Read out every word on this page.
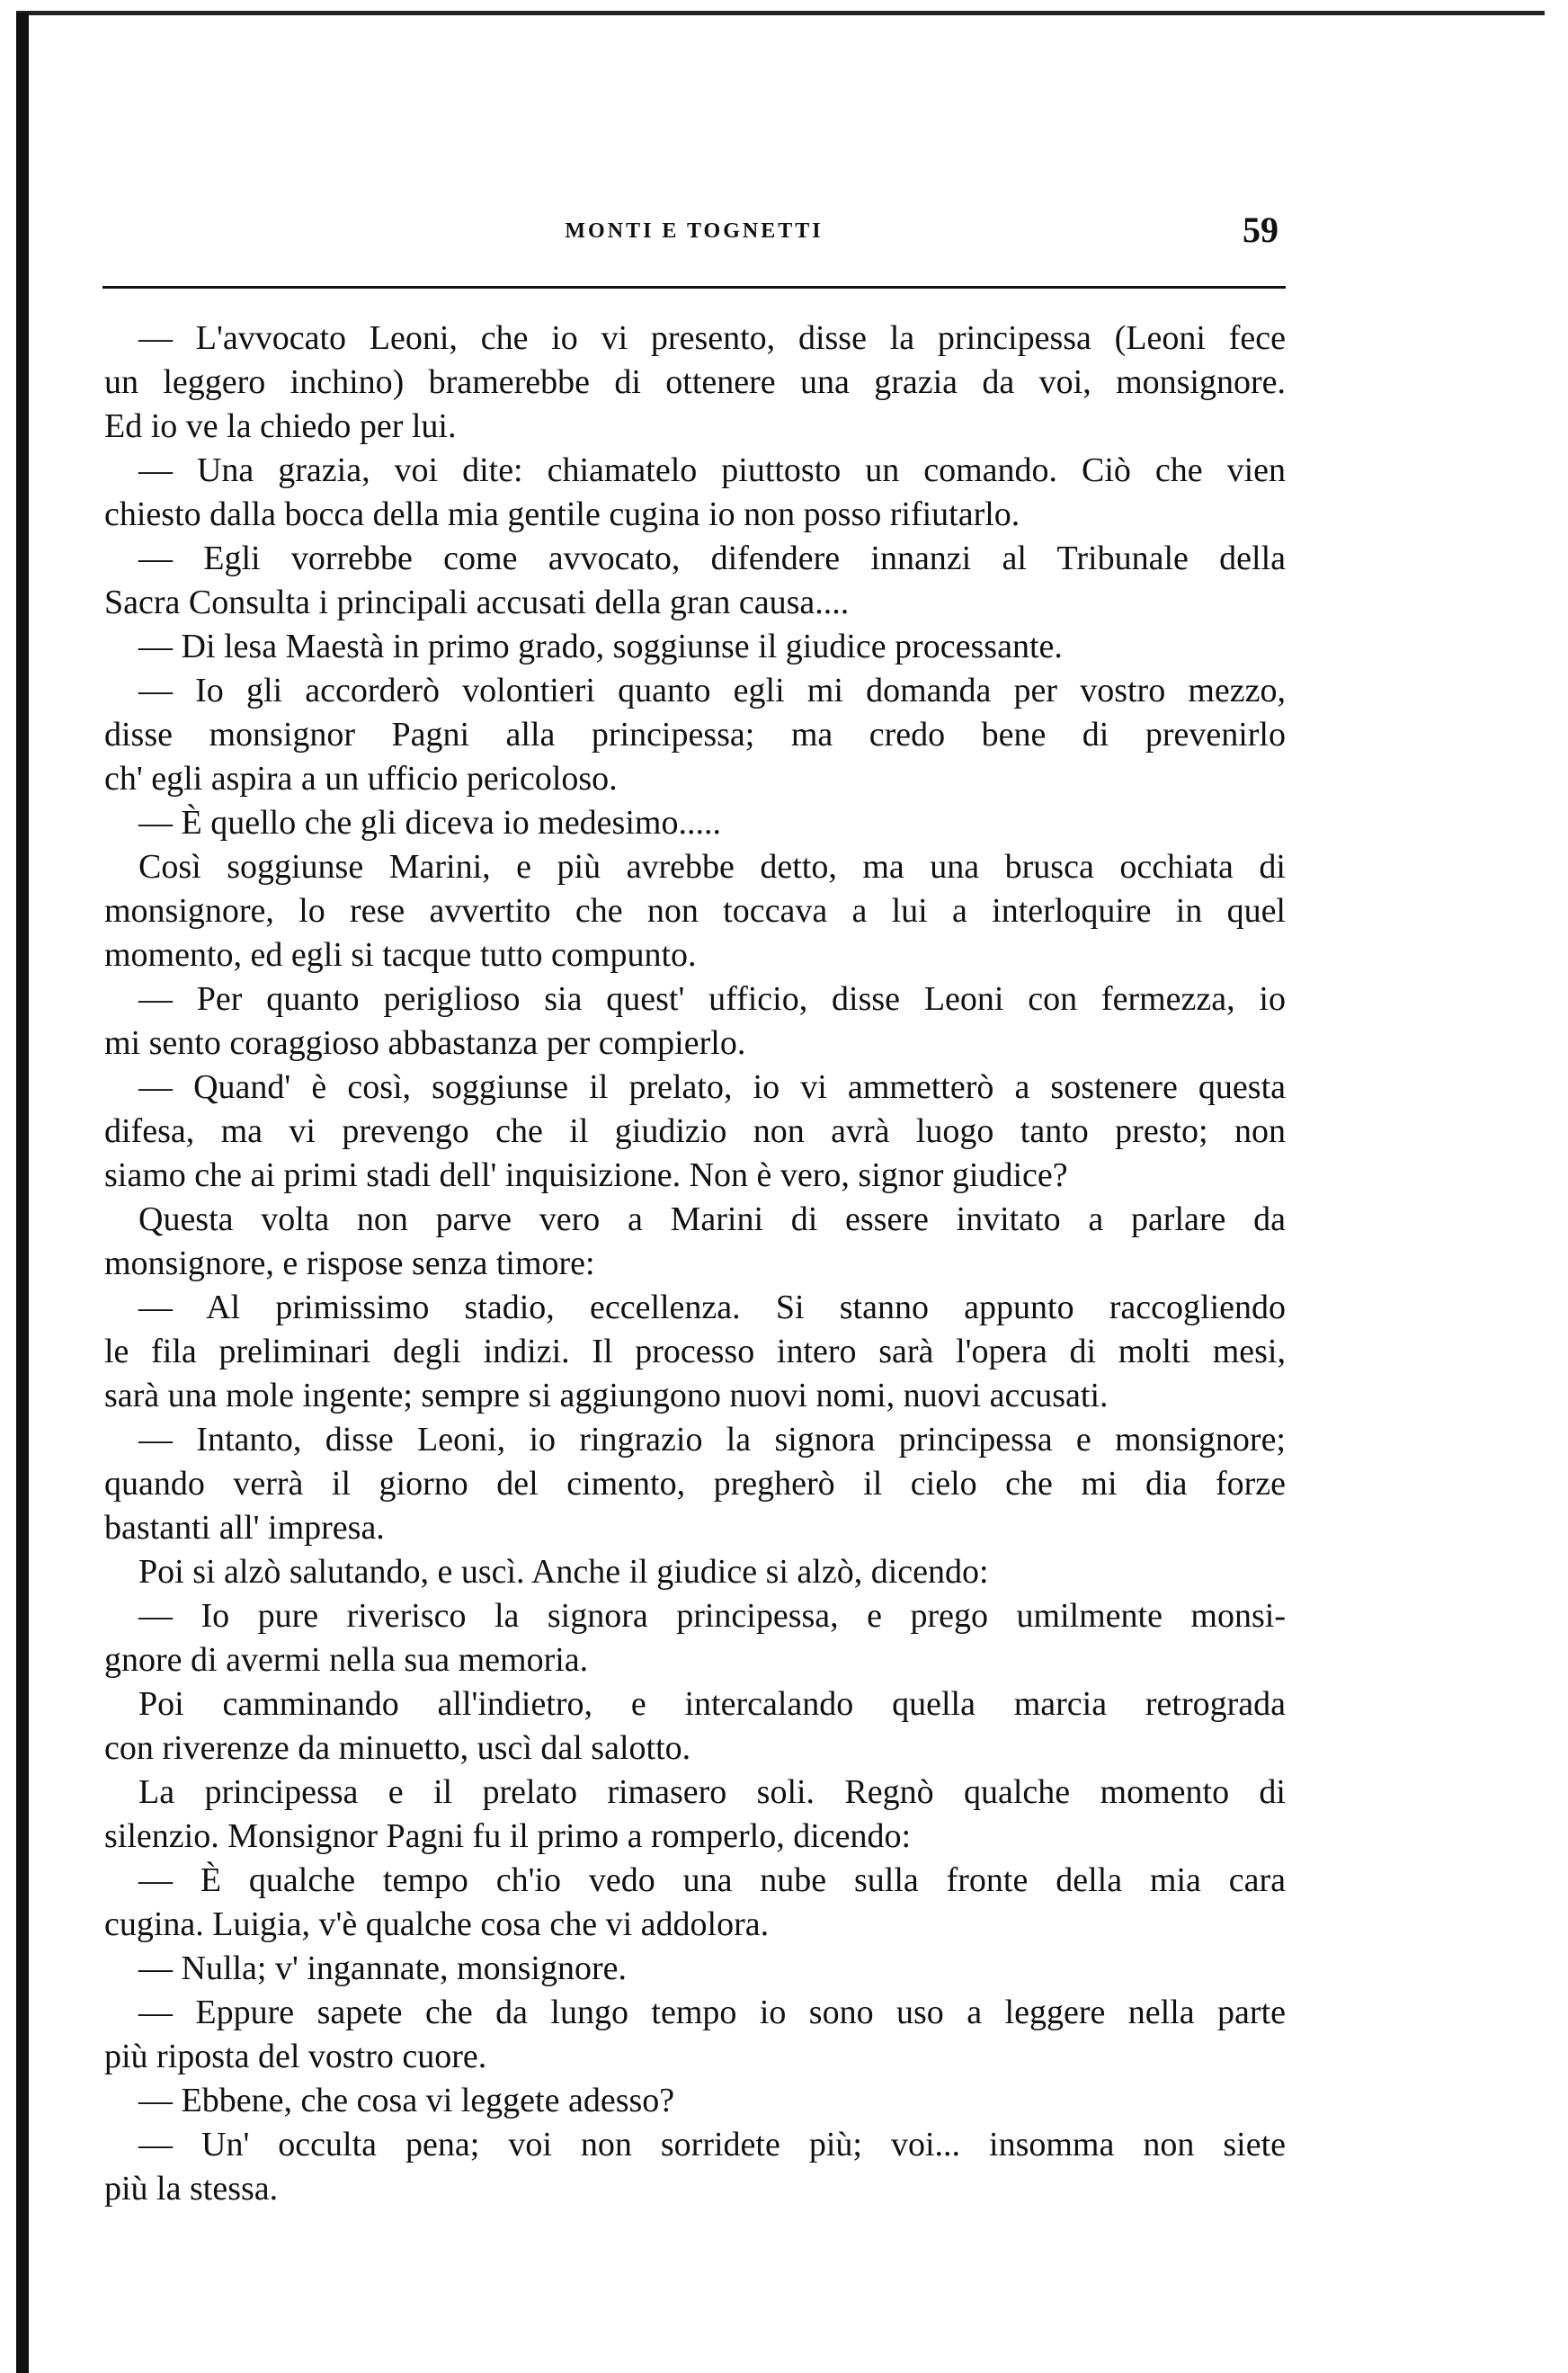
MONTI E TOGNETTI	59
— L'avvocato Leoni, che io vi presento, disse la principessa (Leoni fece
un leggero inchino) bramerebbe di ottenere una grazia da voi, monsignore.
Ed io ve la chiedo per lui.
— Una grazia, voi dite: chiamatelo piuttosto un comando. Ciò che vien
chiesto dalla bocca della mia gentile cugina io non posso rifiutarlo.
— Egli vorrebbe come avvocato, difendere innanzi al Tribunale della
Sacra Consulta i principali accusati della gran causa....
— Di lesa Maestà in primo grado, soggiunse il giudice processante.
— Io gli accorderò volontieri quanto egli mi domanda per vostro mezzo,
disse monsignor Pagni alla principessa; ma credo bene di prevenirlo
ch' egli aspira a un ufficio pericoloso.
— È quello che gli diceva io medesimo.....
Così soggiunse Marini, e più avrebbe detto, ma una brusca occhiata di
monsignore, lo rese avvertito che non toccava a lui a interloquire in quel
momento, ed egli si tacque tutto compunto.
— Per quanto periglioso sia quest' ufficio, disse Leoni con fermezza, io
mi sento coraggioso abbastanza per compierlo.
— Quand' è così, soggiunse il prelato, io vi ammetterò a sostenere questa
difesa, ma vi prevengo che il giudizio non avrà luogo tanto presto; non
siamo che ai primi stadi dell' inquisizione. Non è vero, signor giudice?
Questa volta non parve vero a Marini di essere invitato a parlare da
monsignore, e rispose senza timore:
— Al primissimo stadio, eccellenza. Si stanno appunto raccogliendo
le fila preliminari degli indizi. Il processo intero sarà l'opera di molti mesi,
sarà una mole ingente; sempre si aggiungono nuovi nomi, nuovi accusati.
— Intanto, disse Leoni, io ringrazio la signora principessa e monsignore;
quando verrà il giorno del cimento, pregherò il cielo che mi dia forze
bastanti all' impresa.
Poi si alzò salutando, e uscì. Anche il giudice si alzò, dicendo:
— Io pure riverisco la signora principessa, e prego umilmente monsi-
gnore di avermi nella sua memoria.
Poi camminando all'indietro, e intercalando quella marcia retrograda
con riverenze da minuetto, uscì dal salotto.
La principessa e il prelato rimasero soli. Regnò qualche momento di
silenzio. Monsignor Pagni fu il primo a romperlo, dicendo:
— È qualche tempo ch'io vedo una nube sulla fronte della mia cara
cugina. Luigia, v'è qualche cosa che vi addolora.
— Nulla; v' ingannate, monsignore.
— Eppure sapete che da lungo tempo io sono uso a leggere nella parte
più riposta del vostro cuore.
— Ebbene, che cosa vi leggete adesso?
— Un' occulta pena; voi non sorridete più; voi... insomma non siete
più la stessa.
